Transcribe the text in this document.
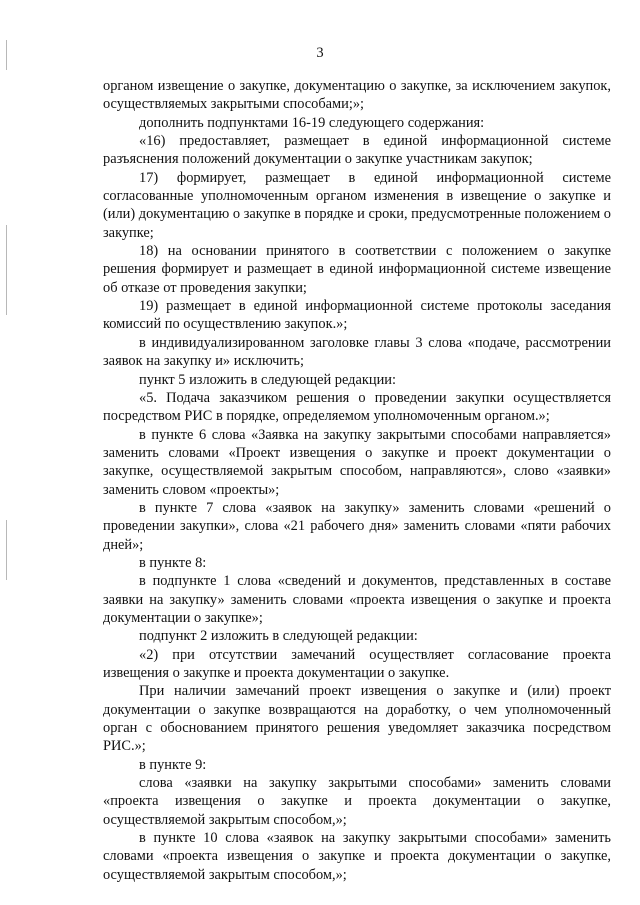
3

органом извещение о закупке, документацию о закупке, за исключением закупок, осуществляемых закрытыми способами;»;

дополнить подпунктами 16-19 следующего содержания:

«16) предоставляет, размещает в единой информационной системе разъяснения положений документации о закупке участникам закупок;

17) формирует, размещает в единой информационной системе согласованные уполномоченным органом изменения в извещение о закупке и (или) документацию о закупке в порядке и сроки, предусмотренные положением о закупке;

18) на основании принятого в соответствии с положением о закупке решения формирует и размещает в единой информационной системе извещение об отказе от проведения закупки;

19) размещает в единой информационной системе протоколы заседания комиссий по осуществлению закупок.»;

в индивидуализированном заголовке главы 3 слова «подаче, рассмотрении заявок на закупку и» исключить;

пункт 5 изложить в следующей редакции:

«5. Подача заказчиком решения о проведении закупки осуществляется посредством РИС в порядке, определяемом уполномоченным органом.»;

в пункте 6 слова «Заявка на закупку закрытыми способами направляется» заменить словами «Проект извещения о закупке и проект документации о закупке, осуществляемой закрытым способом, направляются», слово «заявки» заменить словом «проекты»;

в пункте 7 слова «заявок на закупку» заменить словами «решений о проведении закупки», слова «21 рабочего дня» заменить словами «пяти рабочих дней»;

в пункте 8:

в подпункте 1 слова «сведений и документов, представленных в составе заявки на закупку» заменить словами «проекта извещения о закупке и проекта документации о закупке»;

подпункт 2 изложить в следующей редакции:

«2) при отсутствии замечаний осуществляет согласование проекта извещения о закупке и проекта документации о закупке.

При наличии замечаний проект извещения о закупке и (или) проект документации о закупке возвращаются на доработку, о чем уполномоченный орган с обоснованием принятого решения уведомляет заказчика посредством РИС.»;

в пункте 9:

слова «заявки на закупку закрытыми способами» заменить словами «проекта извещения о закупке и проекта документации о закупке, осуществляемой закрытым способом,»;

в пункте 10 слова «заявок на закупку закрытыми способами» заменить словами «проекта извещения о закупке и проекта документации о закупке, осуществляемой закрытым способом,»;
